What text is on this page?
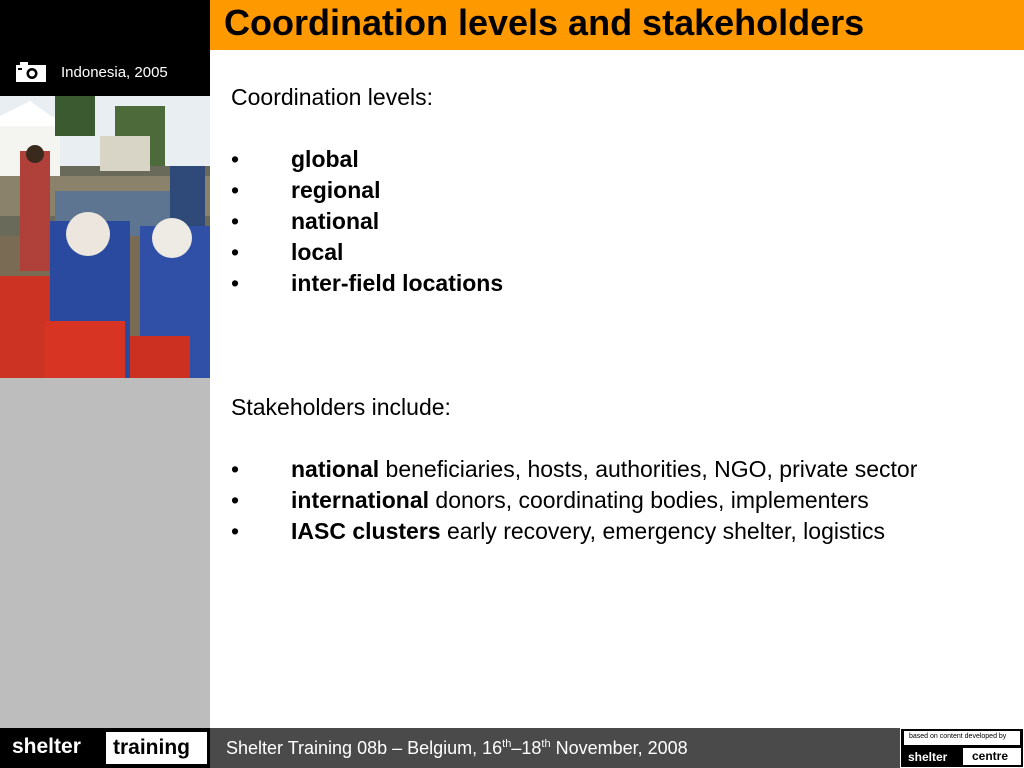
Indonesia, 2005
Coordination levels and stakeholders
Coordination levels:
• global
• regional
• national
• local
• inter-field locations
Stakeholders include:
• national beneficiaries, hosts, authorities, NGO, private sector
• international donors, coordinating bodies, implementers
• IASC clusters early recovery, emergency shelter, logistics
shelter training Shelter Training 08b – Belgium, 16th–18th November, 2008
based on content developed by
shelter centre
